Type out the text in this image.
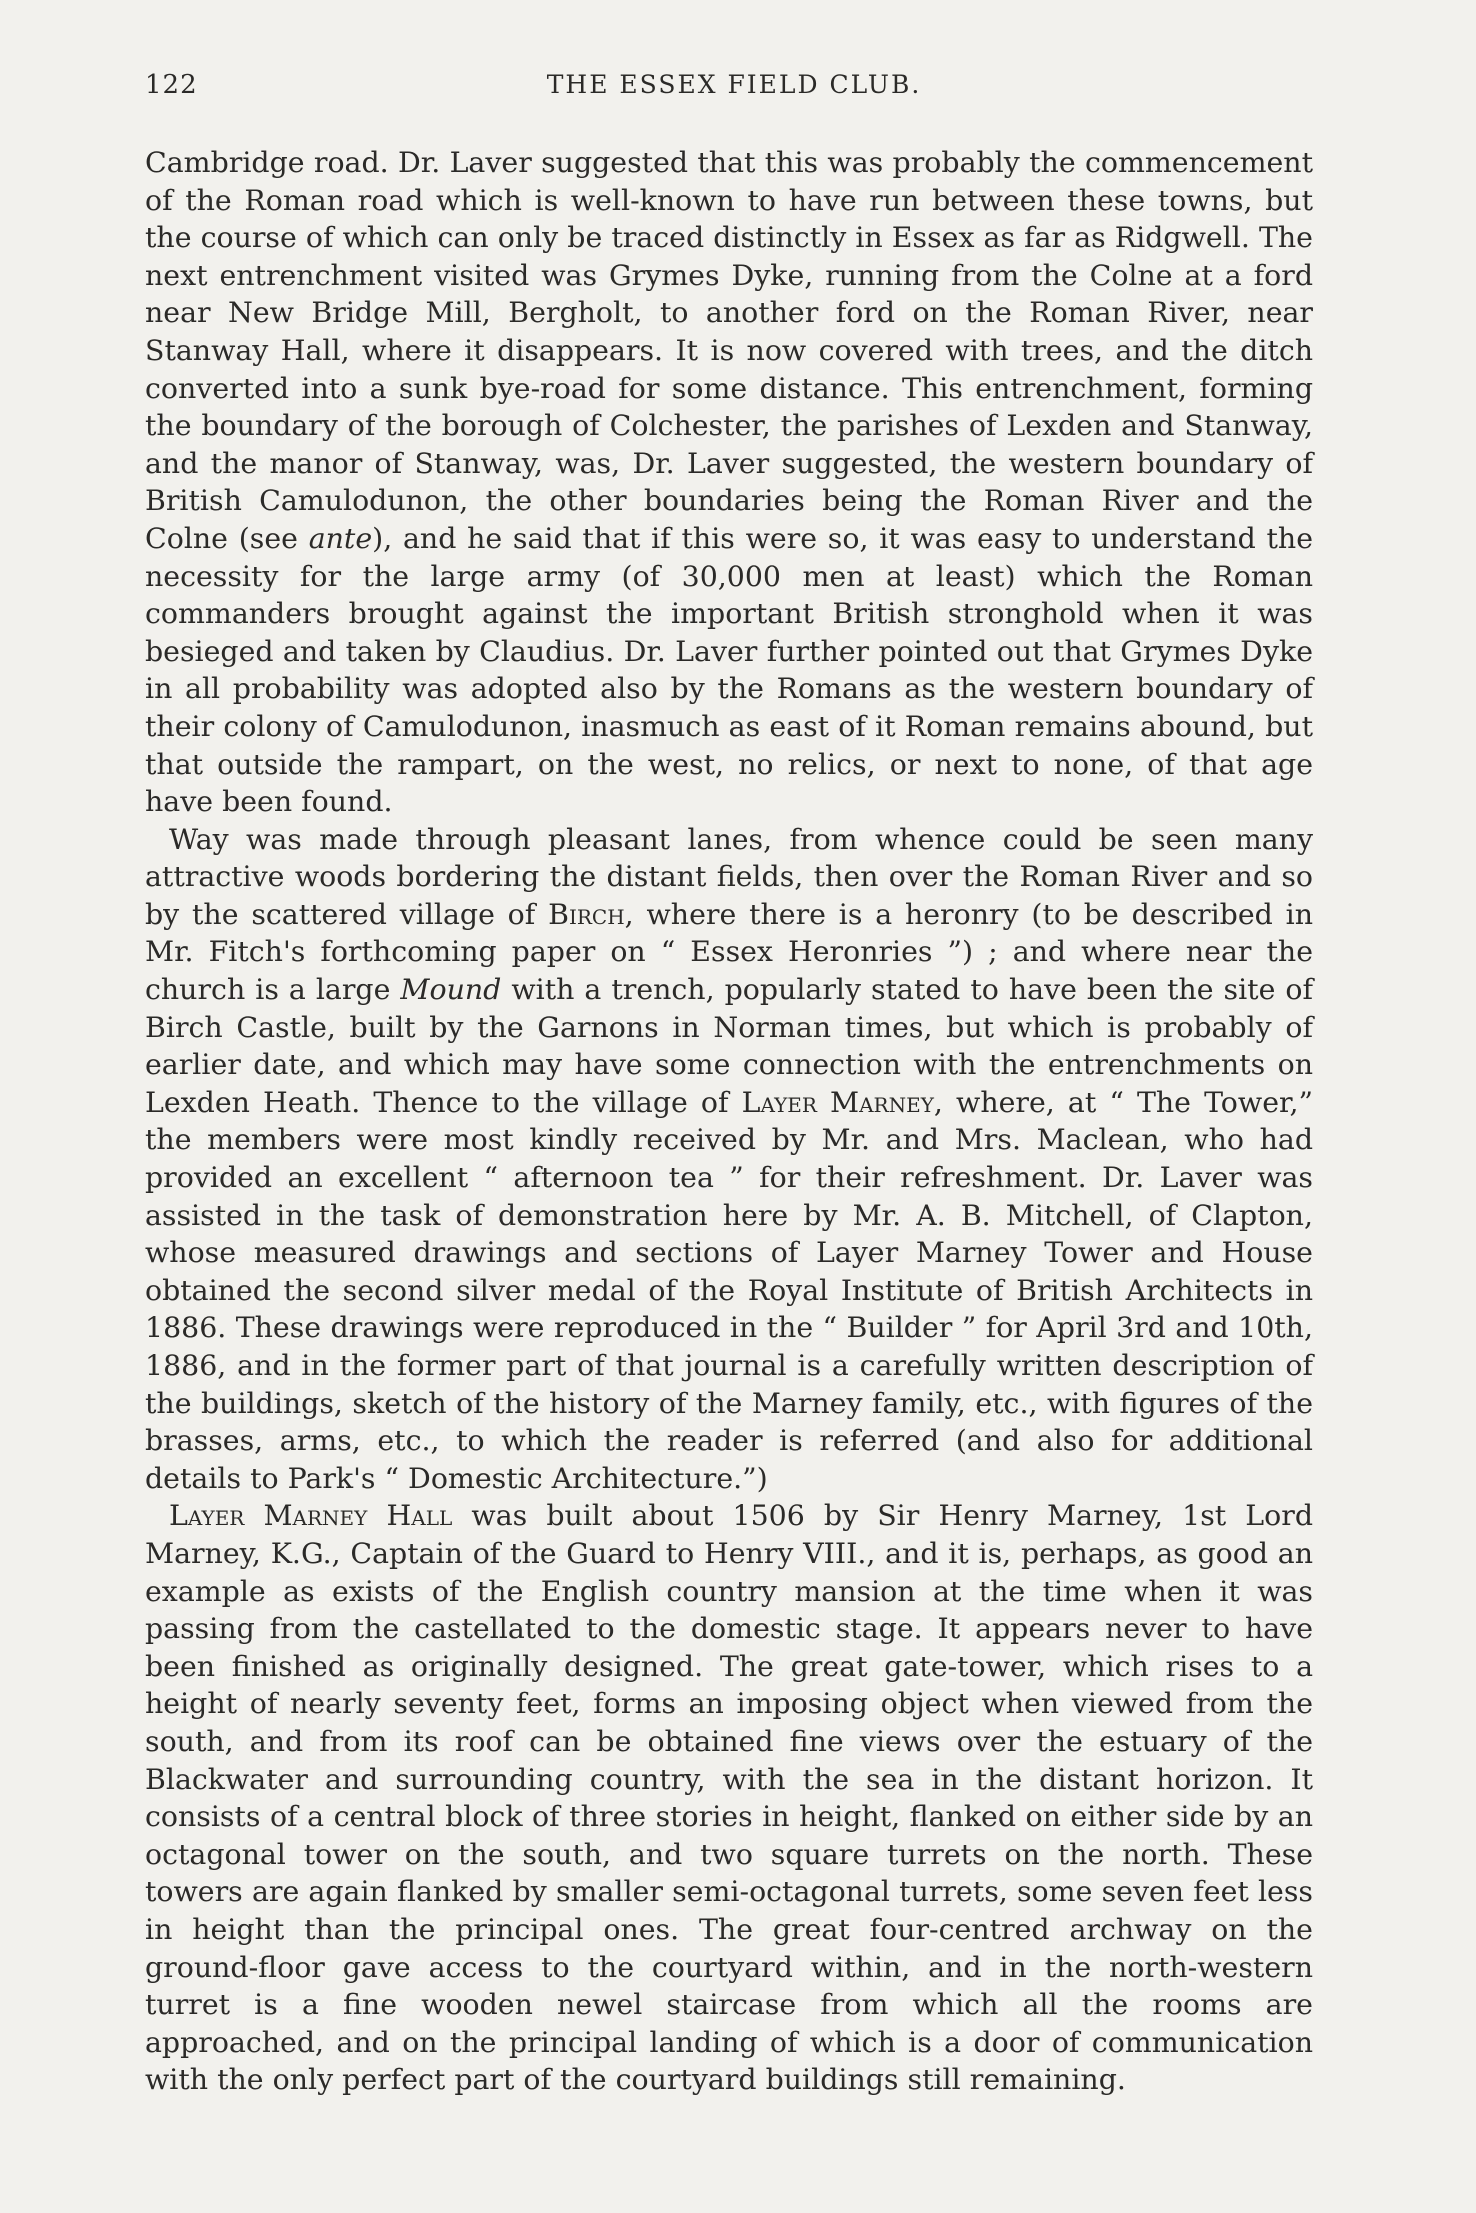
122	THE ESSEX FIELD CLUB.

Cambridge road. Dr. Laver suggested that this was probably the commencement of the Roman road which is well-known to have run between these towns, but the course of which can only be traced distinctly in Essex as far as Ridgwell. The next entrenchment visited was Grymes Dyke, running from the Colne at a ford near New Bridge Mill, Bergholt, to another ford on the Roman River, near Stanway Hall, where it disappears. It is now covered with trees, and the ditch converted into a sunk bye-road for some distance. This entrenchment, forming the boundary of the borough of Colchester, the parishes of Lexden and Stanway, and the manor of Stanway, was, Dr. Laver suggested, the western boundary of British Camulodunon, the other boundaries being the Roman River and the Colne (see ante), and he said that if this were so, it was easy to understand the necessity for the large army (of 30,000 men at least) which the Roman commanders brought against the important British stronghold when it was besieged and taken by Claudius. Dr. Laver further pointed out that Grymes Dyke in all probability was adopted also by the Romans as the western boundary of their colony of Camulodunon, inasmuch as east of it Roman remains abound, but that outside the rampart, on the west, no relics, or next to none, of that age have been found.

Way was made through pleasant lanes, from whence could be seen many attractive woods bordering the distant fields, then over the Roman River and so by the scattered village of Birch, where there is a heronry (to be described in Mr. Fitch's forthcoming paper on “ Essex Heronries ”) ; and where near the church is a large Mound with a trench, popularly stated to have been the site of Birch Castle, built by the Garnons in Norman times, but which is probably of earlier date, and which may have some connection with the entrenchments on Lexden Heath. Thence to the village of Layer Marney, where, at “ The Tower,” the members were most kindly received by Mr. and Mrs. Maclean, who had provided an excellent “ afternoon tea ” for their refreshment. Dr. Laver was assisted in the task of demonstration here by Mr. A. B. Mitchell, of Clapton, whose measured drawings and sections of Layer Marney Tower and House obtained the second silver medal of the Royal Institute of British Architects in 1886. These drawings were reproduced in the “ Builder ” for April 3rd and 10th, 1886, and in the former part of that journal is a carefully written description of the buildings, sketch of the history of the Marney family, etc., with figures of the brasses, arms, etc., to which the reader is referred (and also for additional details to Park's “ Domestic Architecture.”)

Layer Marney Hall was built about 1506 by Sir Henry Marney, 1st Lord Marney, K.G., Captain of the Guard to Henry VIII., and it is, perhaps, as good an example as exists of the English country mansion at the time when it was passing from the castellated to the domestic stage. It appears never to have been finished as originally designed. The great gate-tower, which rises to a height of nearly seventy feet, forms an imposing object when viewed from the south, and from its roof can be obtained fine views over the estuary of the Blackwater and surrounding country, with the sea in the distant horizon. It consists of a central block of three stories in height, flanked on either side by an octagonal tower on the south, and two square turrets on the north. These towers are again flanked by smaller semi-octagonal turrets, some seven feet less in height than the principal ones. The great four-centred archway on the ground-floor gave access to the courtyard within, and in the north-western turret is a fine wooden newel staircase from which all the rooms are approached, and on the principal landing of which is a door of communication with the only perfect part of the courtyard buildings still remaining.
